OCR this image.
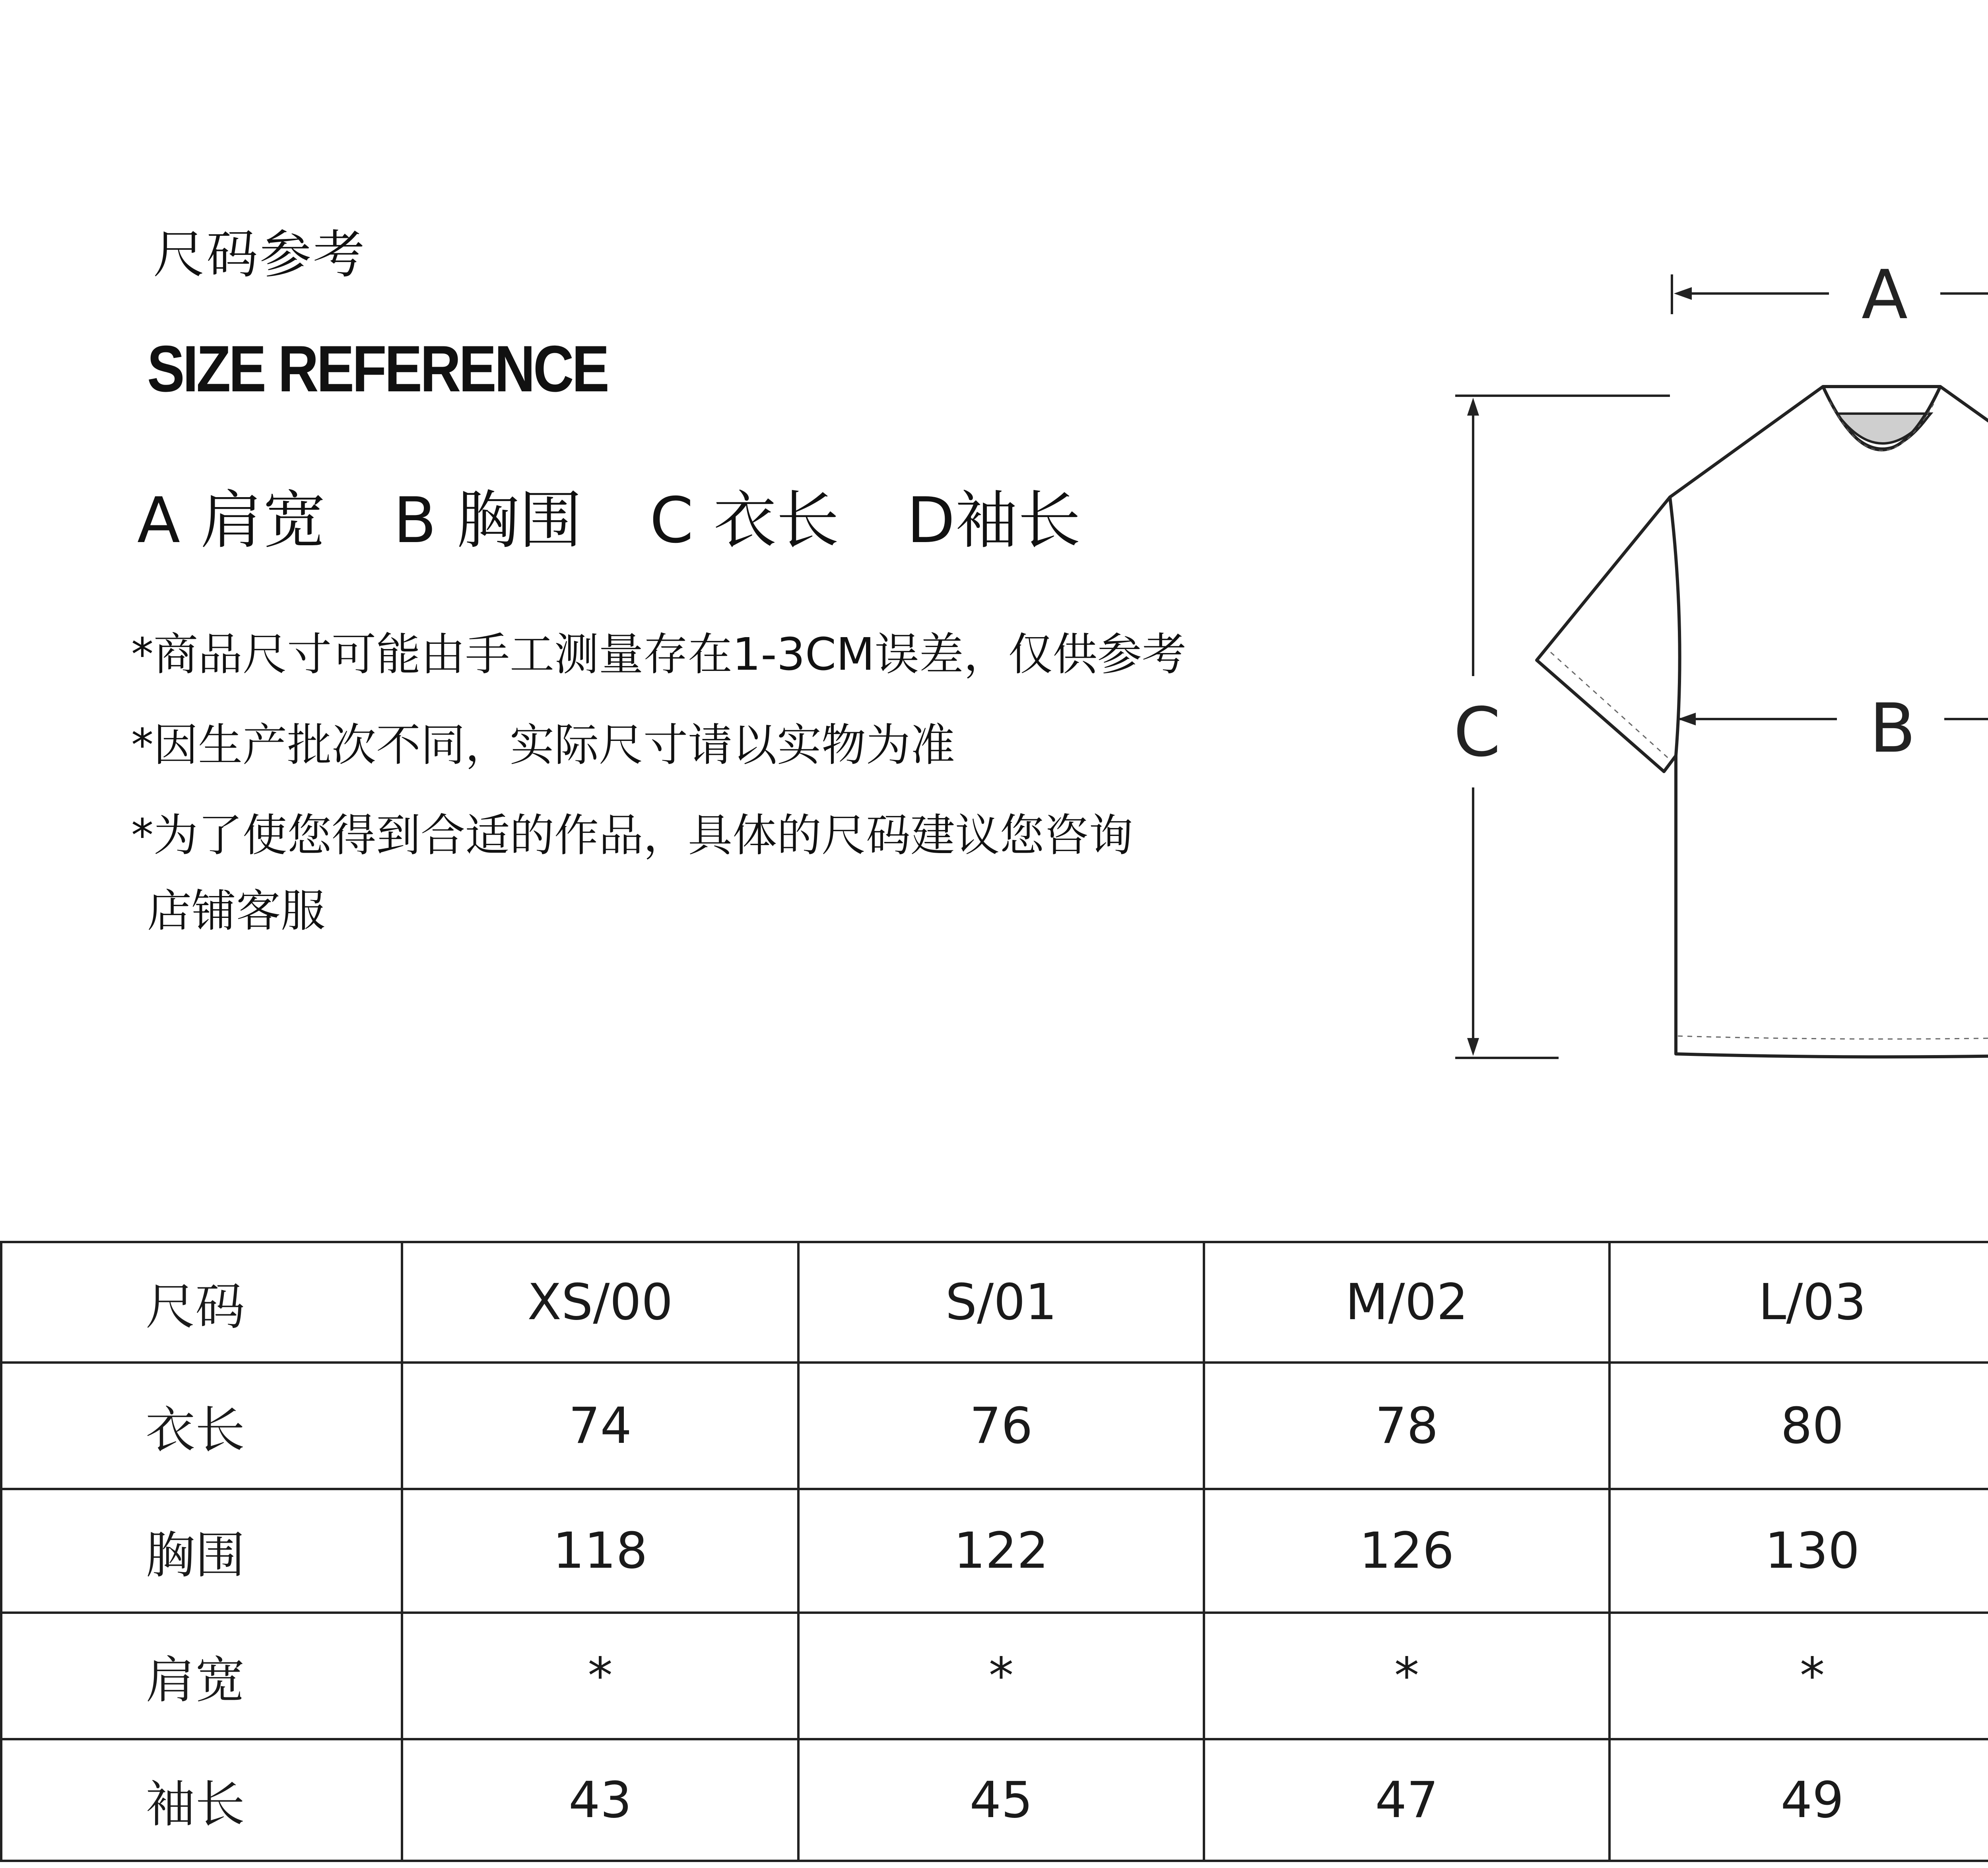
尺码参考
SIZE REFERENCE
A 肩宽 B 胸围 C 衣长 D袖长
*商品尺寸可能由手工测量存在1-3CM误差，仅供参考
*因生产批次不同，实际尺寸请以实物为准
*为了使您得到合适的作品，具体的尺码建议您咨询
店铺客服
A
C	B
尺码	XS/00	S/01	M/02	L/03	
衣长	74	76	78	80	
胸围	118	122	126	130	
肩宽	*	*	*	*	
袖长	43	45	47	49	
